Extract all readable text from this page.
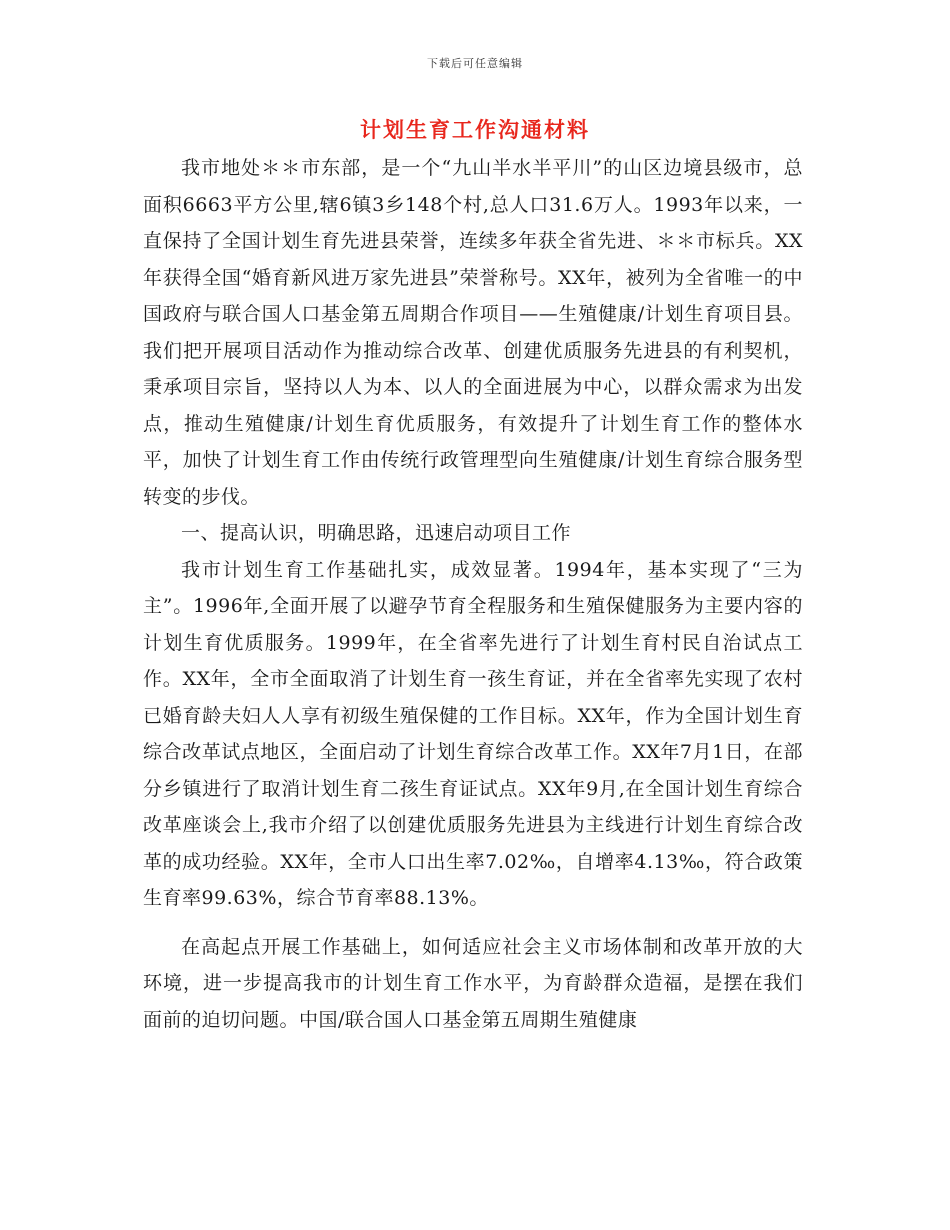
下载后可任意编辑
计划生育工作沟通材料

我市地处＊＊市东部，是一个“九山半水半平川”的山区边境县级市，总面积6663平方公里,辖6镇3乡148个村,总人口31.6万人。1993年以来，一直保持了全国计划生育先进县荣誉，连续多年获全省先进、＊＊市标兵。XX年获得全国“婚育新风进万家先进县”荣誉称号。XX年，被列为全省唯一的中国政府与联合国人口基金第五周期合作项目——生殖健康/计划生育项目县。我们把开展项目活动作为推动综合改革、创建优质服务先进县的有利契机，秉承项目宗旨，坚持以人为本、以人的全面进展为中心，以群众需求为出发点，推动生殖健康/计划生育优质服务，有效提升了计划生育工作的整体水平，加快了计划生育工作由传统行政管理型向生殖健康/计划生育综合服务型转变的步伐。

一、提高认识，明确思路，迅速启动项目工作

我市计划生育工作基础扎实，成效显著。1994年，基本实现了“三为主”。1996年,全面开展了以避孕节育全程服务和生殖保健服务为主要内容的计划生育优质服务。1999年，在全省率先进行了计划生育村民自治试点工作。XX年，全市全面取消了计划生育一孩生育证，并在全省率先实现了农村已婚育龄夫妇人人享有初级生殖保健的工作目标。XX年，作为全国计划生育综合改革试点地区，全面启动了计划生育综合改革工作。XX年7月1日，在部分乡镇进行了取消计划生育二孩生育证试点。XX年9月,在全国计划生育综合改革座谈会上,我市介绍了以创建优质服务先进县为主线进行计划生育综合改革的成功经验。XX年，全市人口出生率7.02‰，自增率4.13‰，符合政策生育率99.63%，综合节育率88.13%。

在高起点开展工作基础上，如何适应社会主义市场体制和改革开放的大环境，进一步提高我市的计划生育工作水平，为育龄群众造福，是摆在我们面前的迫切问题。中国/联合国人口基金第五周期生殖健康
